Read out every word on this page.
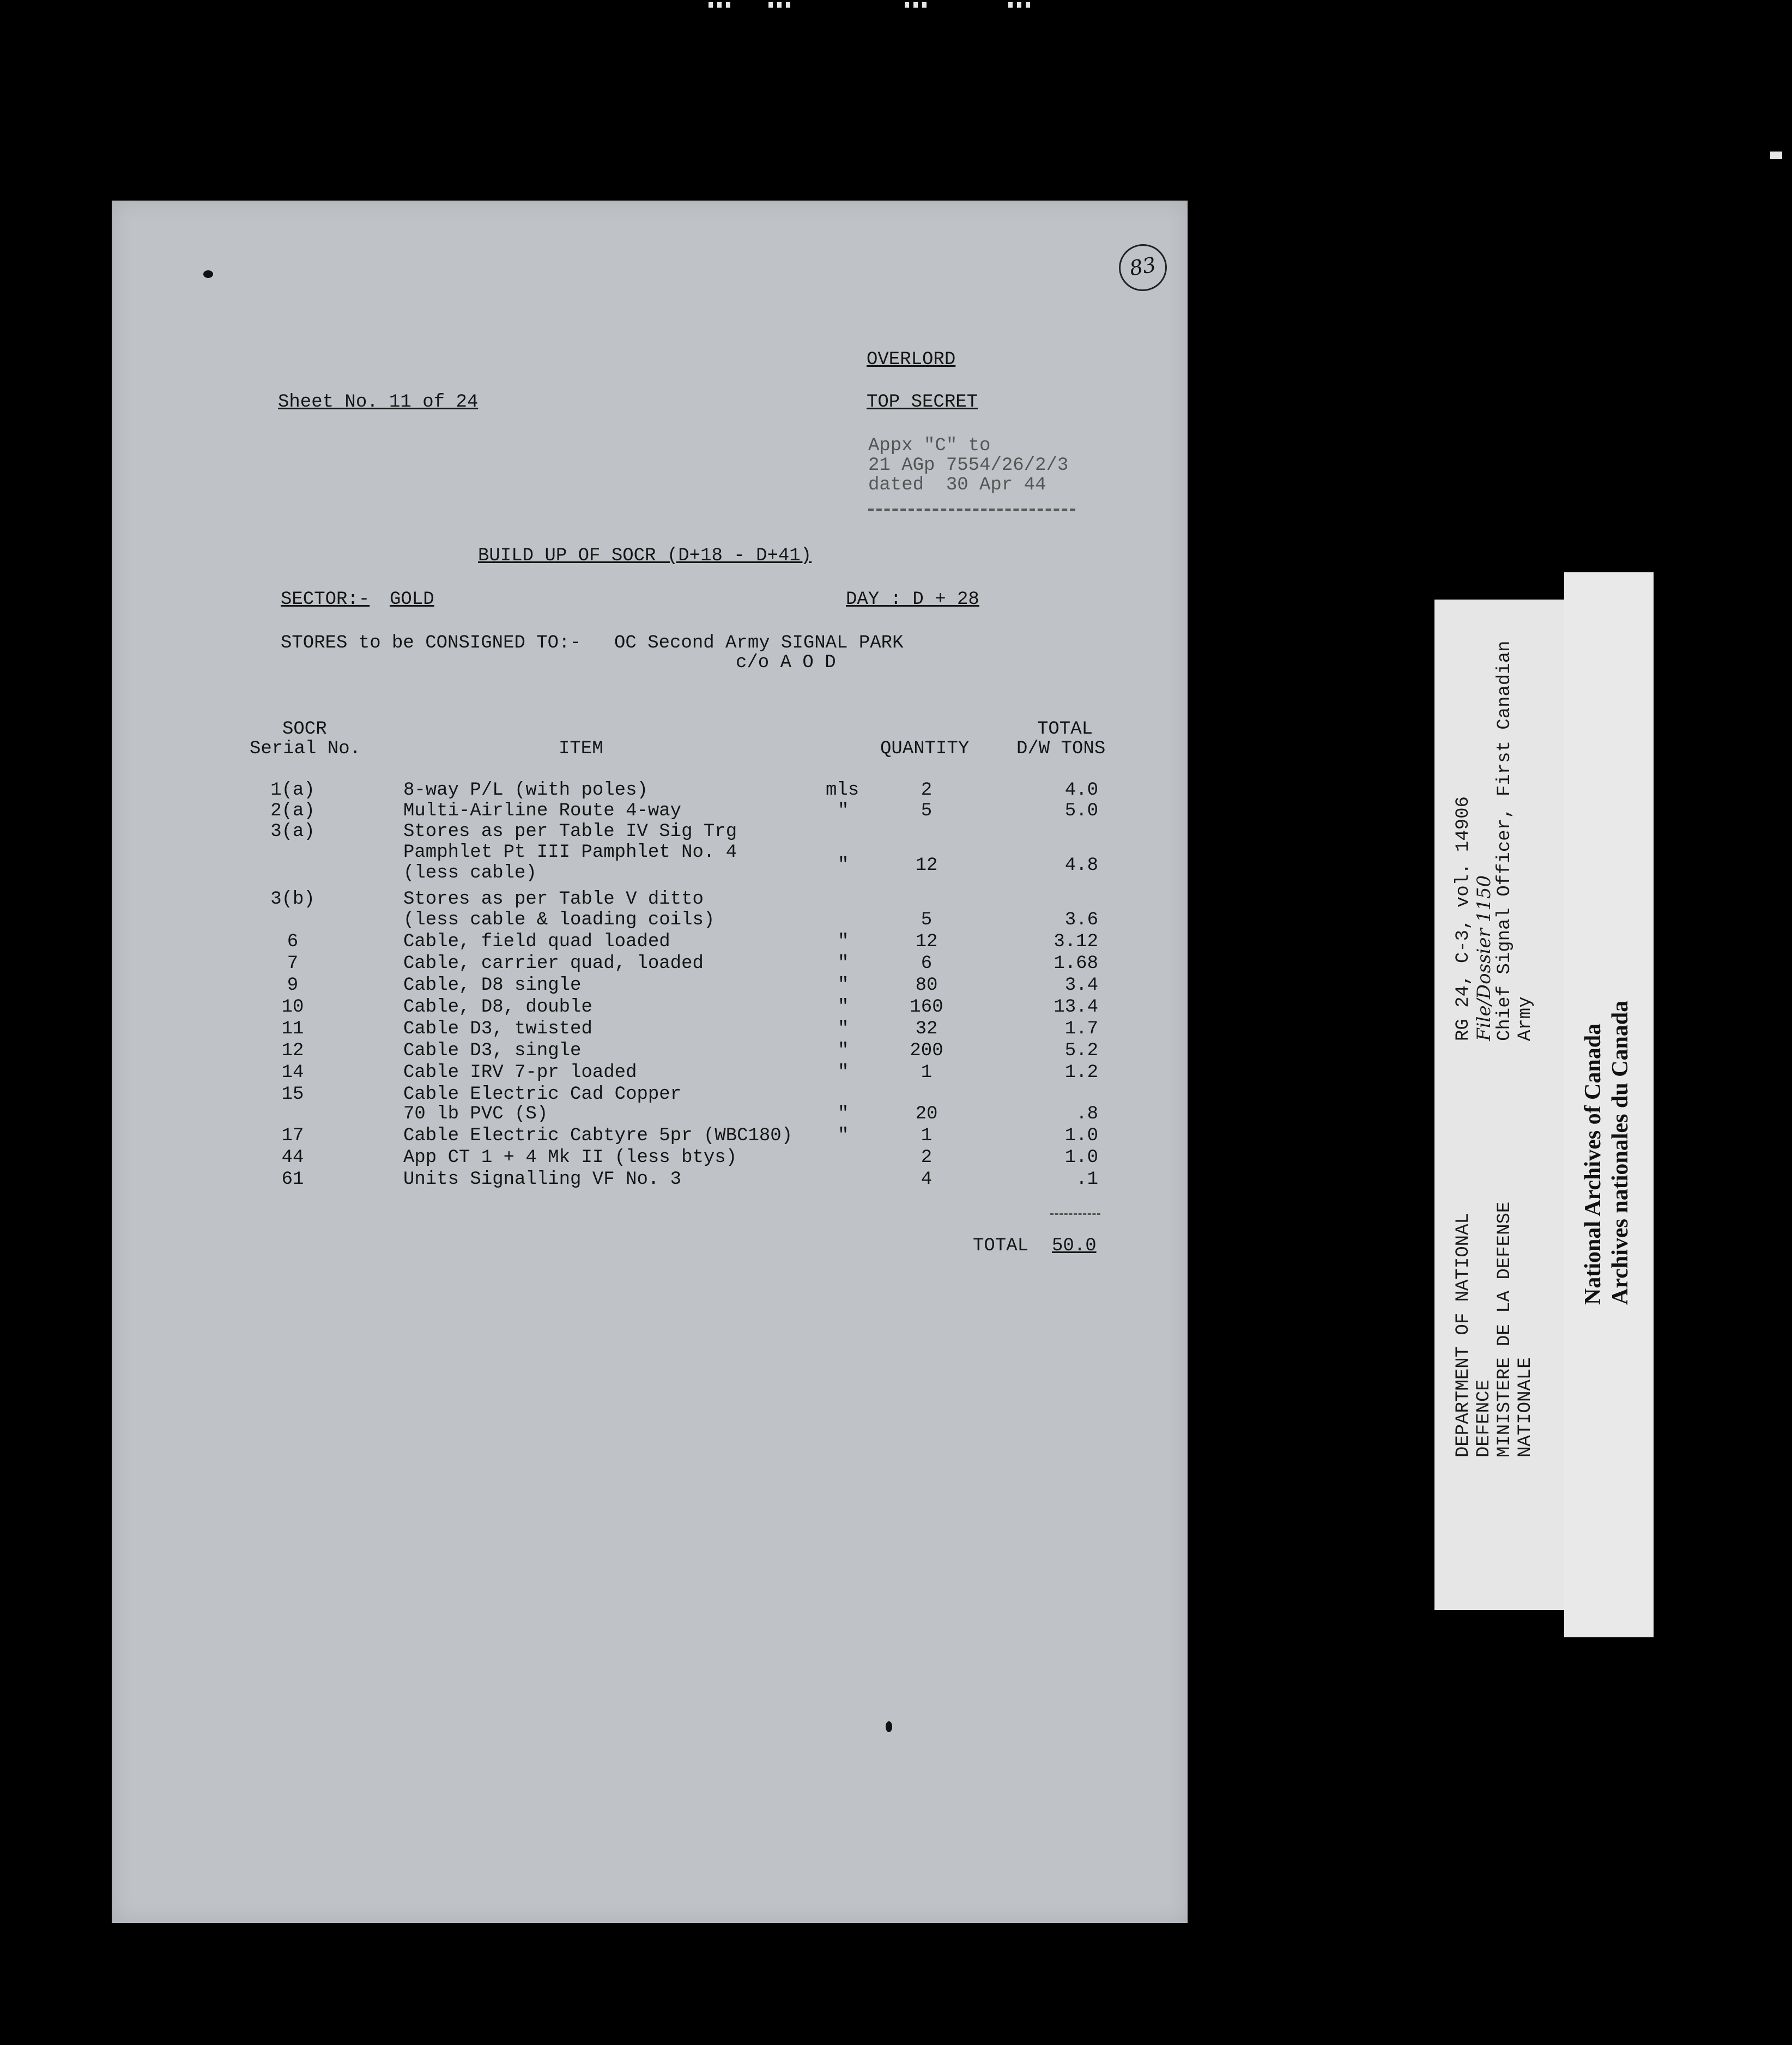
83
OVERLORD
Sheet No. 11 of 24	TOP SECRET
Appx "C" to
21 AGp 7554/26/2/3
dated  30 Apr 44
BUILD UP OF SOCR (D+18 - D+41)
SECTOR:- GOLD	DAY : D + 28
STORES to be CONSIGNED TO:- OC Second Army SIGNAL PARK
c/o A O D
SOCR
Serial No.	ITEM	QUANTITY
TOTAL
D/W TONS
1(a)	8-way P/L (with poles)	mls	2	4.0
2(a)	Multi-Airline Route 4-way	"	5	5.0
3(a)	Stores as per Table IV Sig Trg
Pamphlet Pt III Pamphlet No. 4
(less cable)	"	12	4.8
3(b)	Stores as per Table V ditto
(less cable & loading coils)	5	3.6
6	Cable, field quad loaded	"	12	3.12
7	Cable, carrier quad, loaded	"	6	1.68
9	Cable, D8 single	"	80	3.4
10	Cable, D8, double	"	160	13.4
11	Cable D3, twisted	"	32	1.7
12	Cable D3, single	"	200	5.2
14	Cable IRV 7-pr loaded	"	1	1.2
15	Cable Electric Cad Copper
70 lb PVC (S)	"	20	.8
17	Cable Electric Cabtyre 5pr (WBC180) "	1	1.0
44	App CT 1 + 4 Mk II (less btys)	2	1.0
61	Units Signalling VF No. 3	4	.1
TOTAL 50.0	DEPARTMENT OF NATIONAL DEFENCE MINISTERE DE LA DEFENSE NATIONALE
RG 24, C-3, vol. 14906 File/Dossier 1150 Chief Signal Officer, First Canadian Army
National Archives of Canada Archives nationales du Canada
